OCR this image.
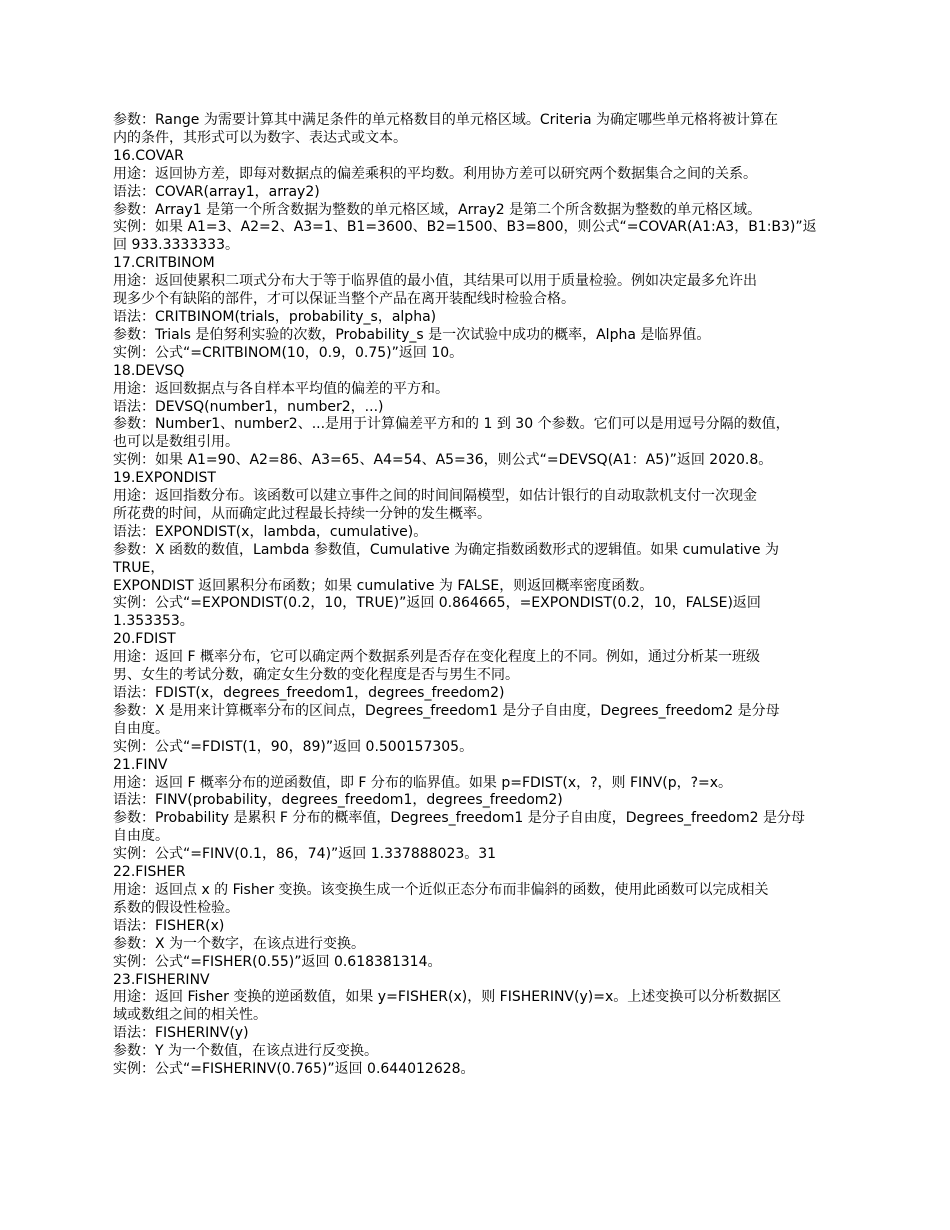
参数：Range 为需要计算其中满足条件的单元格数目的单元格区域。Criteria 为确定哪些单元格将被计算在
内的条件，其形式可以为数字、表达式或文本。
16.COVAR
用途：返回协方差，即每对数据点的偏差乘积的平均数。利用协方差可以研究两个数据集合之间的关系。
语法：COVAR(array1，array2)
参数：Array1 是第一个所含数据为整数的单元格区域，Array2 是第二个所含数据为整数的单元格区域。
实例：如果 A1=3、A2=2、A3=1、B1=3600、B2=1500、B3=800，则公式“=COVAR(A1:A3，B1:B3)”返
回 933.3333333。
17.CRITBINOM
用途：返回使累积二项式分布大于等于临界值的最小值，其结果可以用于质量检验。例如决定最多允许出
现多少个有缺陷的部件，才可以保证当整个产品在离开装配线时检验合格。
语法：CRITBINOM(trials，probability_s，alpha)
参数：Trials 是伯努利实验的次数，Probability_s 是一次试验中成功的概率，Alpha 是临界值。
实例：公式“=CRITBINOM(10，0.9，0.75)”返回 10。
18.DEVSQ
用途：返回数据点与各自样本平均值的偏差的平方和。
语法：DEVSQ(number1，number2，...)
参数：Number1、number2、...是用于计算偏差平方和的 1 到 30 个参数。它们可以是用逗号分隔的数值，
也可以是数组引用。
实例：如果 A1=90、A2=86、A3=65、A4=54、A5=36，则公式“=DEVSQ(A1：A5)”返回 2020.8。
19.EXPONDIST
用途：返回指数分布。该函数可以建立事件之间的时间间隔模型，如估计银行的自动取款机支付一次现金
所花费的时间，从而确定此过程最长持续一分钟的发生概率。
语法：EXPONDIST(x，lambda，cumulative)。
参数：X 函数的数值，Lambda 参数值，Cumulative 为确定指数函数形式的逻辑值。如果 cumulative 为
TRUE，
EXPONDIST 返回累积分布函数；如果 cumulative 为 FALSE，则返回概率密度函数。
实例：公式“=EXPONDIST(0.2，10，TRUE)”返回 0.864665，=EXPONDIST(0.2，10，FALSE)返回
1.353353。
20.FDIST
用途：返回 F 概率分布，它可以确定两个数据系列是否存在变化程度上的不同。例如，通过分析某一班级
男、女生的考试分数，确定女生分数的变化程度是否与男生不同。
语法：FDIST(x，degrees_freedom1，degrees_freedom2)
参数：X 是用来计算概率分布的区间点，Degrees_freedom1 是分子自由度，Degrees_freedom2 是分母
自由度。
实例：公式“=FDIST(1，90，89)”返回 0.500157305。
21.FINV
用途：返回 F 概率分布的逆函数值，即 F 分布的临界值。如果 p=FDIST(x，?，则 FINV(p，?=x。
语法：FINV(probability，degrees_freedom1，degrees_freedom2)
参数：Probability 是累积 F 分布的概率值，Degrees_freedom1 是分子自由度，Degrees_freedom2 是分母
自由度。
实例：公式“=FINV(0.1，86，74)”返回 1.337888023。31
22.FISHER
用途：返回点 x 的 Fisher 变换。该变换生成一个近似正态分布而非偏斜的函数，使用此函数可以完成相关
系数的假设性检验。
语法：FISHER(x)
参数：X 为一个数字，在该点进行变换。
实例：公式“=FISHER(0.55)”返回 0.618381314。
23.FISHERINV
用途：返回 Fisher 变换的逆函数值，如果 y=FISHER(x)，则 FISHERINV(y)=x。上述变换可以分析数据区
域或数组之间的相关性。
语法：FISHERINV(y)
参数：Y 为一个数值，在该点进行反变换。
实例：公式“=FISHERINV(0.765)”返回 0.644012628。
